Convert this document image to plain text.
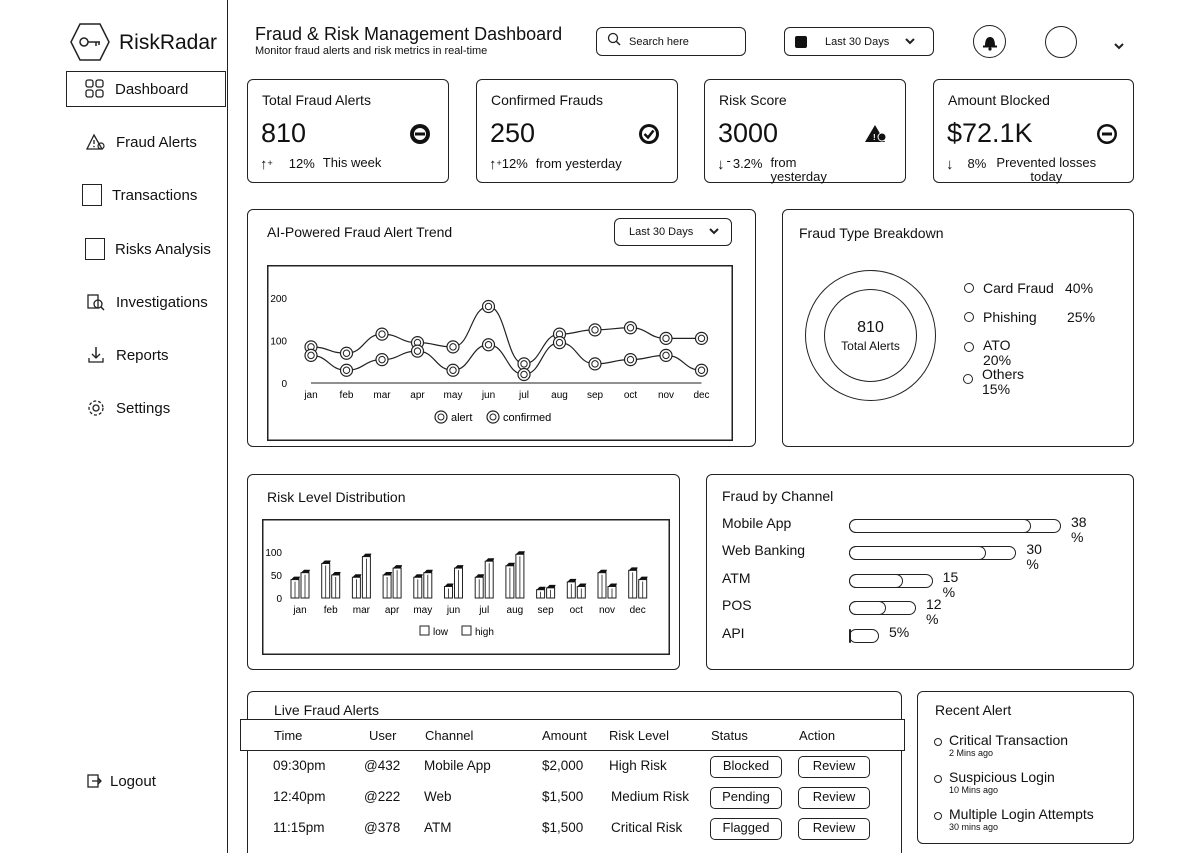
RiskRadar
Dashboard
Fraud Alerts
Transactions
Risks Analysis
Investigations
Reports
Settings
Logout
Fraud & Risk Management Dashboard
Monitor fraud alerts and risk metrics in real-time
Search here	Last 30 Days
Total Fraud Alerts
810
↑ + 12% This week
Confirmed Frauds
250
↑ + 12% from yesterday
Risk Score
3000	!
↓ - 3.2% from yesterday
Amount Blocked
$72.1K
↓ 8% Prevented losses today
AI-Powered Fraud Alert Trend	Last 30 Days
0
100
200
jan feb mar apr may jun jul aug sep oct nov dec
alert	confirmed
Fraud Type Breakdown
810
Total Alerts
Card Fraud 40%
Phishing	25%
ATO
20%
Others
15%
Risk Level Distribution
0
50
100
jan feb mar apr may jun jul aug sep oct nov dec
low	high
Fraud by Channel
Mobile App	38 %
Web Banking	30 %
ATM	15 %
POS	12 %
API	5%
Live Fraud Alerts
Time	User Channel	Amount Risk Level	Status	Action
09:30pm	@432 Mobile App	$2,000 High Risk	Blocked	Review
12:40pm	@222 Web	$1,500 Medium Risk	Pending	Review
11:15pm	@378 ATM	$1,500 Critical Risk	Flagged	Review
Recent Alert
Critical Transaction
2 Mins ago
Suspicious Login
10 Mins ago
Multiple Login Attempts
30 mins ago
